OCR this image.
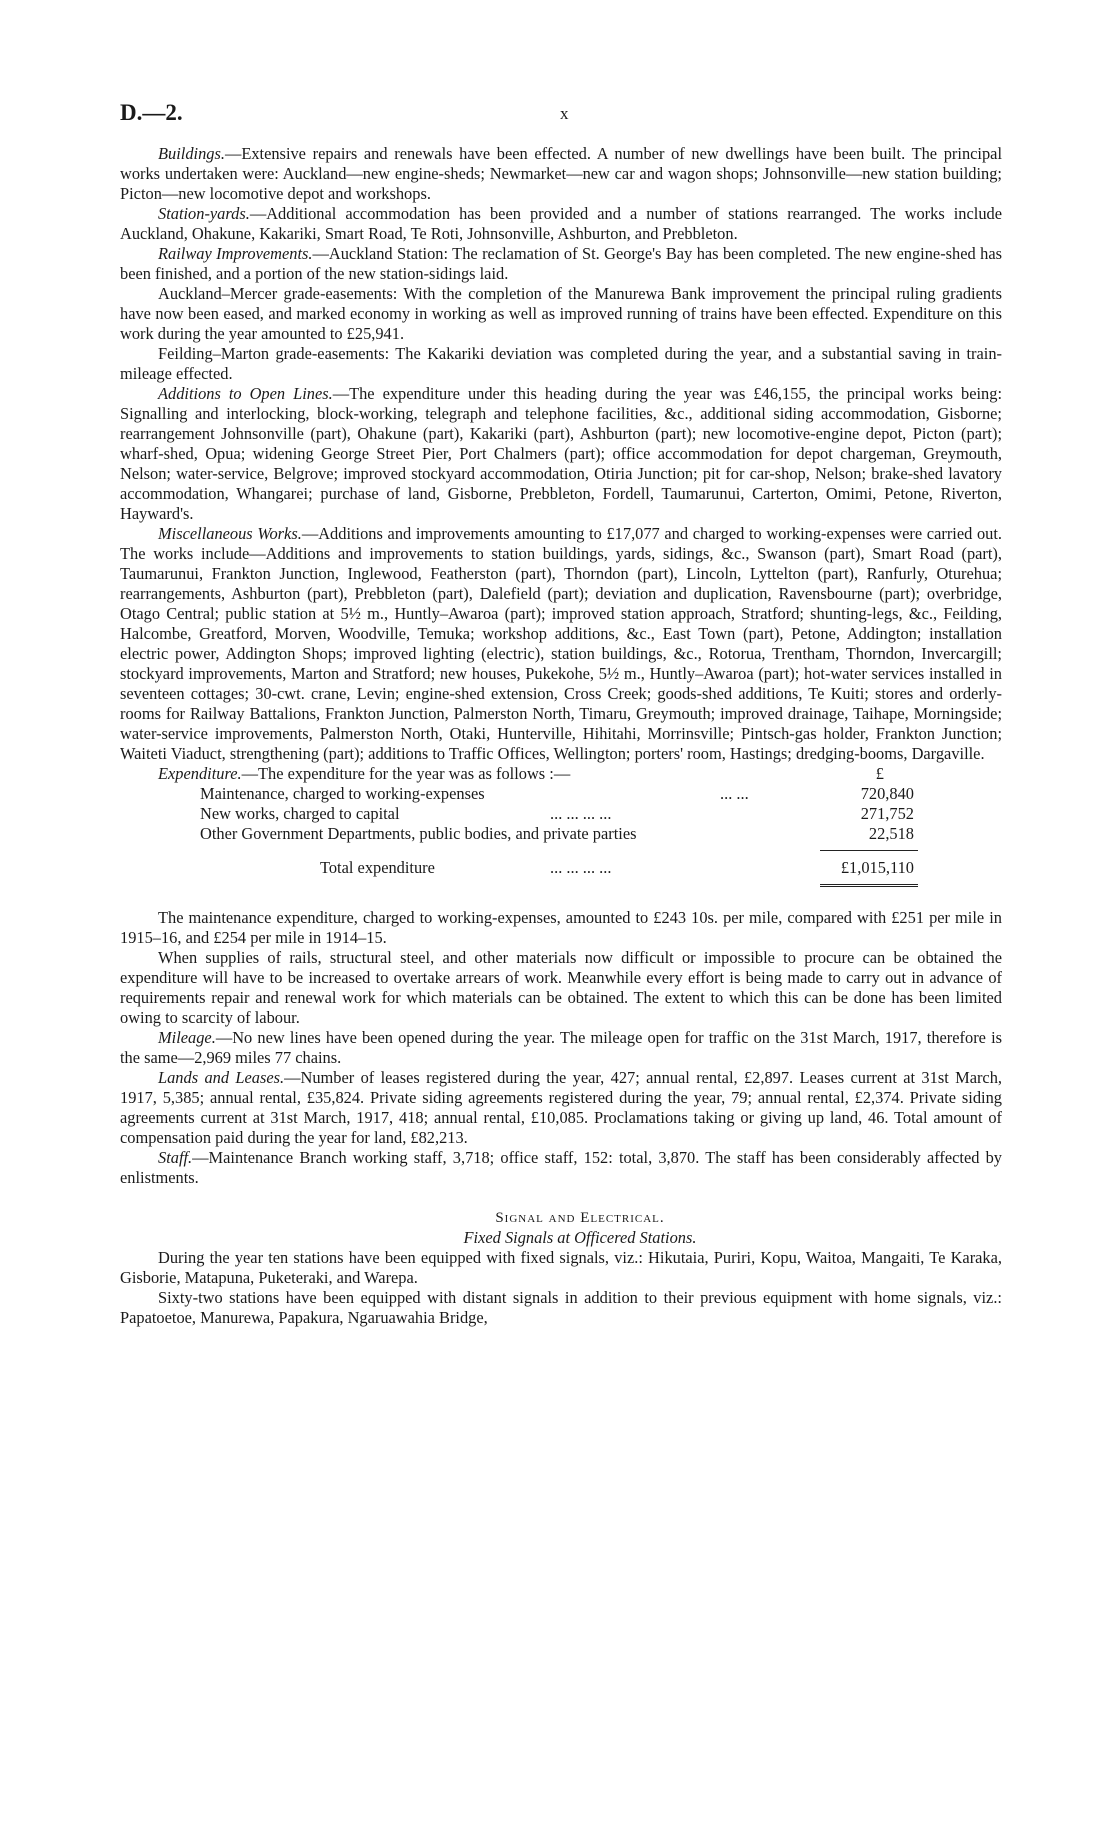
D.—2.	x

Buildings.—Extensive repairs and renewals have been effected. A number of new dwellings have been built. The principal works undertaken were: Auckland—new engine-sheds; Newmarket—new car and wagon shops; Johnsonville—new station building; Picton—new locomotive depot and workshops.

Station-yards.—Additional accommodation has been provided and a number of stations rearranged. The works include Auckland, Ohakune, Kakariki, Smart Road, Te Roti, Johnsonville, Ashburton, and Prebbleton.

Railway Improvements.—Auckland Station: The reclamation of St. George's Bay has been completed. The new engine-shed has been finished, and a portion of the new station-sidings laid.

Auckland–Mercer grade-easements: With the completion of the Manurewa Bank improvement the principal ruling gradients have now been eased, and marked economy in working as well as improved running of trains have been effected. Expenditure on this work during the year amounted to £25,941.

Feilding–Marton grade-easements: The Kakariki deviation was completed during the year, and a substantial saving in train-mileage effected.

Additions to Open Lines.—The expenditure under this heading during the year was £46,155, the principal works being: Signalling and interlocking, block-working, telegraph and telephone facilities, &c., additional siding accommodation, Gisborne; rearrangement Johnsonville (part), Ohakune (part), Kakariki (part), Ashburton (part); new locomotive-engine depot, Picton (part); wharf-shed, Opua; widening George Street Pier, Port Chalmers (part); office accommodation for depot chargeman, Greymouth, Nelson; water-service, Belgrove; improved stockyard accommodation, Otiria Junction; pit for car-shop, Nelson; brake-shed lavatory accommodation, Whangarei; purchase of land, Gisborne, Prebbleton, Fordell, Taumarunui, Carterton, Omimi, Petone, Riverton, Hayward's.

Miscellaneous Works.—Additions and improvements amounting to £17,077 and charged to working-expenses were carried out. The works include—Additions and improvements to station buildings, yards, sidings, &c., Swanson (part), Smart Road (part), Taumarunui, Frankton Junction, Inglewood, Featherston (part), Thorndon (part), Lincoln, Lyttelton (part), Ranfurly, Oturehua; rearrangements, Ashburton (part), Prebbleton (part), Dalefield (part); deviation and duplication, Ravensbourne (part); overbridge, Otago Central; public station at 5½ m., Huntly–Awaroa (part); improved station approach, Stratford; shunting-legs, &c., Feilding, Halcombe, Greatford, Morven, Woodville, Temuka; workshop additions, &c., East Town (part), Petone, Addington; installation electric power, Addington Shops; improved lighting (electric), station buildings, &c., Rotorua, Trentham, Thorndon, Invercargill; stockyard improvements, Marton and Stratford; new houses, Pukekohe, 5½ m., Huntly–Awaroa (part); hot-water services installed in seventeen cottages; 30-cwt. crane, Levin; engine-shed extension, Cross Creek; goods-shed additions, Te Kuiti; stores and orderly-rooms for Railway Battalions, Frankton Junction, Palmerston North, Timaru, Greymouth; improved drainage, Taihape, Morningside; water-service improvements, Palmerston North, Otaki, Hunterville, Hihitahi, Morrinsville; Pintsch-gas holder, Frankton Junction; Waiteti Viaduct, strengthening (part); additions to Traffic Offices, Wellington; porters' room, Hastings; dredging-booms, Dargaville.

Expenditure.—The expenditure for the year was as follows :—	£
Maintenance, charged to working-expenses	... ...	720,840
New works, charged to capital	... ... ... ...	271,752
Other Government Departments, public bodies, and private parties	22,518
Total expenditure	... ... ... ...	£1,015,110

The maintenance expenditure, charged to working-expenses, amounted to £243 10s. per mile, compared with £251 per mile in 1915–16, and £254 per mile in 1914–15.

When supplies of rails, structural steel, and other materials now difficult or impossible to procure can be obtained the expenditure will have to be increased to overtake arrears of work. Meanwhile every effort is being made to carry out in advance of requirements repair and renewal work for which materials can be obtained. The extent to which this can be done has been limited owing to scarcity of labour.

Mileage.—No new lines have been opened during the year. The mileage open for traffic on the 31st March, 1917, therefore is the same—2,969 miles 77 chains.

Lands and Leases.—Number of leases registered during the year, 427; annual rental, £2,897. Leases current at 31st March, 1917, 5,385; annual rental, £35,824. Private siding agreements registered during the year, 79; annual rental, £2,374. Private siding agreements current at 31st March, 1917, 418; annual rental, £10,085. Proclamations taking or giving up land, 46. Total amount of compensation paid during the year for land, £82,213.

Staff.—Maintenance Branch working staff, 3,718; office staff, 152: total, 3,870. The staff has been considerably affected by enlistments.

Signal and Electrical.

Fixed Signals at Officered Stations.

During the year ten stations have been equipped with fixed signals, viz.: Hikutaia, Puriri, Kopu, Waitoa, Mangaiti, Te Karaka, Gisborie, Matapuna, Puketeraki, and Warepa.

Sixty-two stations have been equipped with distant signals in addition to their previous equipment with home signals, viz.: Papatoetoe, Manurewa, Papakura, Ngaruawahia Bridge,
